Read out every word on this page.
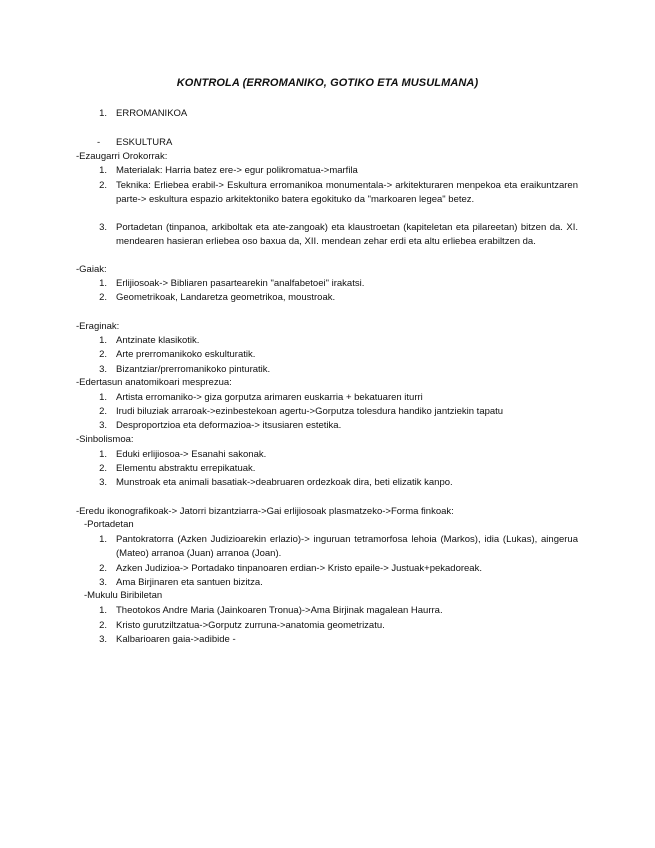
KONTROLA (ERROMANIKO, GOTIKO ETA MUSULMANA)
1. ERROMANIKOA
- ESKULTURA
-Ezaugarri Orokorrak:
1. Materialak: Harria batez ere-> egur polikromatua->marfila
2. Teknika: Erliebea erabil-> Eskultura erromanikoa monumentala-> arkitekturaren menpekoa eta eraikuntzaren parte-> eskultura espazio arkitektoniko batera egokituko da "markoaren legea" betez.
3. Portadetan (tinpanoa, arkiboltak eta ate-zangoak) eta klaustroetan (kapiteletan eta pilareetan) bitzen da. XI. mendearen hasieran erliebea oso baxua da, XII. mendean zehar erdi eta altu erliebea erabiltzen da.
-Gaiak:
1. Erlijiosoak-> Bibliaren pasartearekin "analfabetoei" irakatsi.
2. Geometrikoak, Landaretza geometrikoa, moustroak.
-Eraginak:
1. Antzinate klasikotik.
2. Arte prerromanikoko eskulturatik.
3. Bizantziar/prerromanikoko pinturatik.
-Edertasun anatomikoari mesprezua:
1. Artista erromaniko-> giza gorputza arimaren euskarria + bekatuaren iturri
2. Irudi biluziak arraroak->ezinbestekoan agertu->Gorputza tolesdura handiko jantziekin tapatu
3. Desproportzioa eta deformazioa-> itsusiaren estetika.
-Sinbolismoa:
1. Eduki erlijiosoa-> Esanahi sakonak.
2. Elementu abstraktu errepikatuak.
3. Munstroak eta animali basatiak->deabruaren ordezkoak dira, beti elizatik kanpo.
-Eredu ikonografikoak-> Jatorri bizantziarra->Gai erlijiosoak plasmatzeko->Forma finkoak:
-Portadetan
1. Pantokratorra (Azken Judizioarekin erlazio)-> inguruan tetramorfosa lehoia (Markos), idia (Lukas), aingerua (Mateo) arranoa (Juan) arranoa (Joan).
2. Azken Judizioa-> Portadako tinpanoaren erdian-> Kristo epaile-> Justuak+pekadoreak.
3. Ama Birjinaren eta santuen bizitza.
-Mukulu Biribiletan
1. Theotokos Andre Maria (Jainkoaren Tronua)->Ama Birjinak magalean Haurra.
2. Kristo gurutziltzatua->Gorputz zurruna->anatomia geometrizatu.
3. Kalbarioaren gaia->adibide -
